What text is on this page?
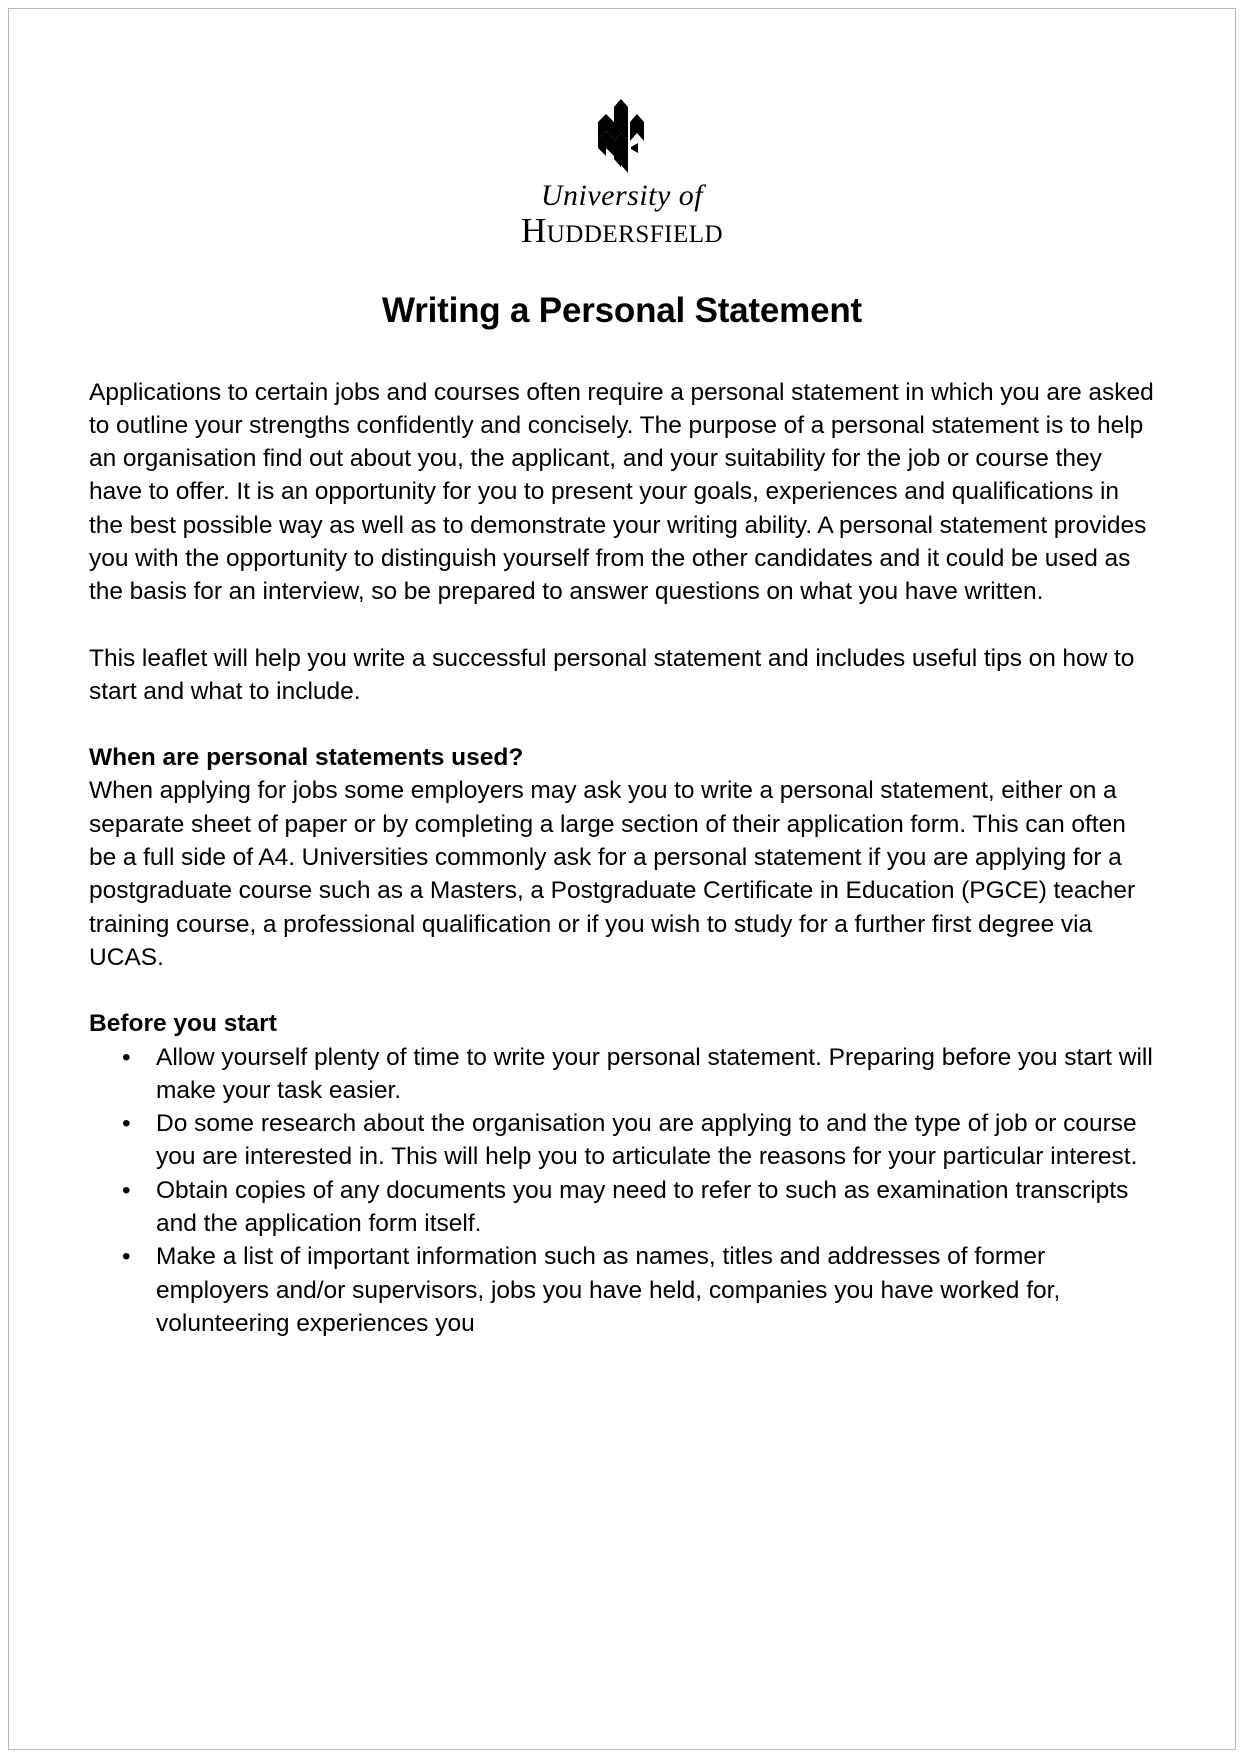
University of
Huddersfield
Writing a Personal Statement

Applications to certain jobs and courses often require a personal statement in which you are asked to outline your strengths confidently and concisely. The purpose of a personal statement is to help an organisation find out about you, the applicant, and your suitability for the job or course they have to offer. It is an opportunity for you to present your goals, experiences and qualifications in the best possible way as well as to demonstrate your writing ability. A personal statement provides you with the opportunity to distinguish yourself from the other candidates and it could be used as the basis for an interview, so be prepared to answer questions on what you have written.

This leaflet will help you write a successful personal statement and includes useful tips on how to start and what to include.

When are personal statements used?

When applying for jobs some employers may ask you to write a personal statement, either on a separate sheet of paper or by completing a large section of their application form. This can often be a full side of A4. Universities commonly ask for a personal statement if you are applying for a postgraduate course such as a Masters, a Postgraduate Certificate in Education (PGCE) teacher training course, a professional qualification or if you wish to study for a further first degree via UCAS.

Before you start
• Allow yourself plenty of time to write your personal statement. Preparing before you start will make your task easier.
• Do some research about the organisation you are applying to and the type of job or course you are interested in. This will help you to articulate the reasons for your particular interest.
• Obtain copies of any documents you may need to refer to such as examination transcripts and the application form itself.
• Make a list of important information such as names, titles and addresses of former employers and/or supervisors, jobs you have held, companies you have worked for, volunteering experiences you
